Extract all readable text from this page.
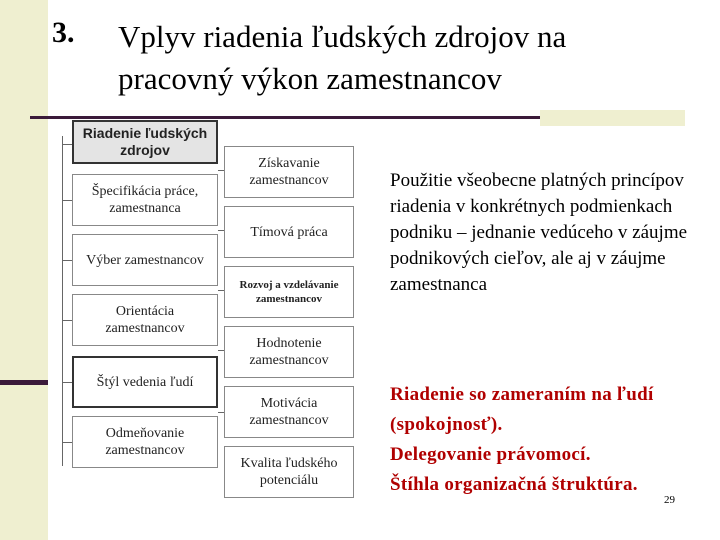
3. Vplyv riadenia ľudských zdrojov na
pracovný výkon zamestnancov
Riadenie ľudských zdrojov
Špecifikácia práce, zamestnanca
Výber zamestnancov
Orientácia zamestnancov
Štýl vedenia ľudí
Odmeňovanie zamestnancov
Získavanie zamestnancov
Tímová práca
Rozvoj a vzdelávanie zamestnancov
Hodnotenie zamestnancov
Motivácia zamestnancov
Kvalita ľudského potenciálu
Použitie všeobecne platných princípov riadenia v konkrétnych podmienkach podniku – jednanie vedúceho v záujme podnikových cieľov, ale aj v záujme zamestnanca
Riadenie so zameraním na ľudí (spokojnosť).
Delegovanie právomocí.
Štíhla organizačná štruktúra.
29
